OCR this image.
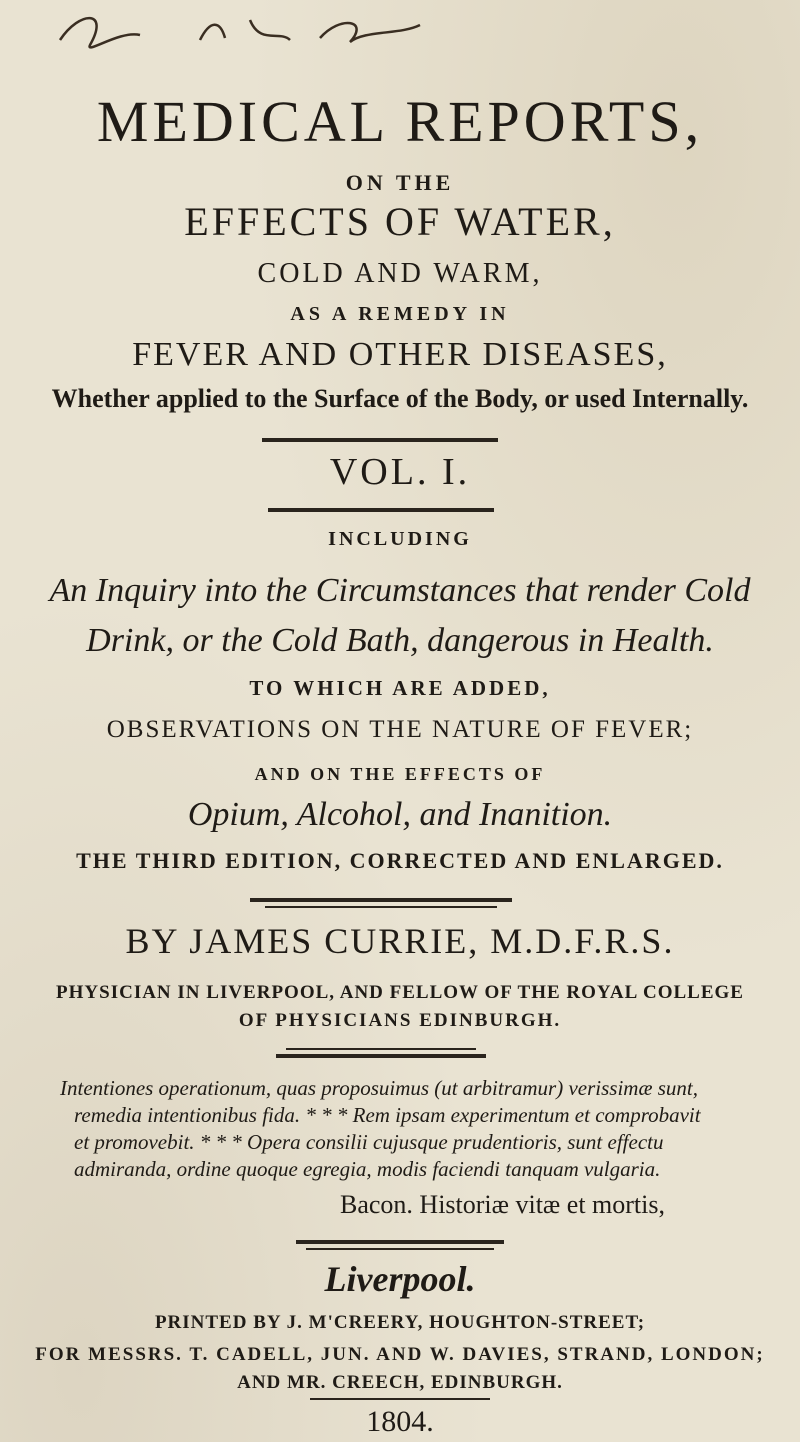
MEDICAL REPORTS,
ON THE
EFFECTS OF WATER,
COLD AND WARM,
AS A REMEDY IN
FEVER AND OTHER DISEASES,
Whether applied to the Surface of the Body, or used Internally.
VOL. I.
INCLUDING
An Inquiry into the Circumstances that render Cold
Drink, or the Cold Bath, dangerous in Health.
TO WHICH ARE ADDED,
OBSERVATIONS ON THE NATURE OF FEVER;
AND ON THE EFFECTS OF
Opium, Alcohol, and Inanition.
THE THIRD EDITION, CORRECTED AND ENLARGED.
BY JAMES CURRIE, M.D.F.R.S.
PHYSICIAN IN LIVERPOOL, AND FELLOW OF THE ROYAL COLLEGE
OF PHYSICIANS EDINBURGH.
Intentiones operationum, quas proposuimus (ut arbitramur) verissimæ sunt,
remedia intentionibus fida. * * * Rem ipsam experimentum et comprobavit
et promovebit. * * * Opera consilii cujusque prudentioris, sunt effectu
admiranda, ordine quoque egregia, modis faciendi tanquam vulgaria.
Bacon. Historiæ vitæ et mortis,
Liverpool.
PRINTED BY J. M'CREERY, HOUGHTON-STREET;
FOR MESSRS. T. CADELL, JUN. AND W. DAVIES, STRAND, LONDON;
AND MR. CREECH, EDINBURGH.
1804.
